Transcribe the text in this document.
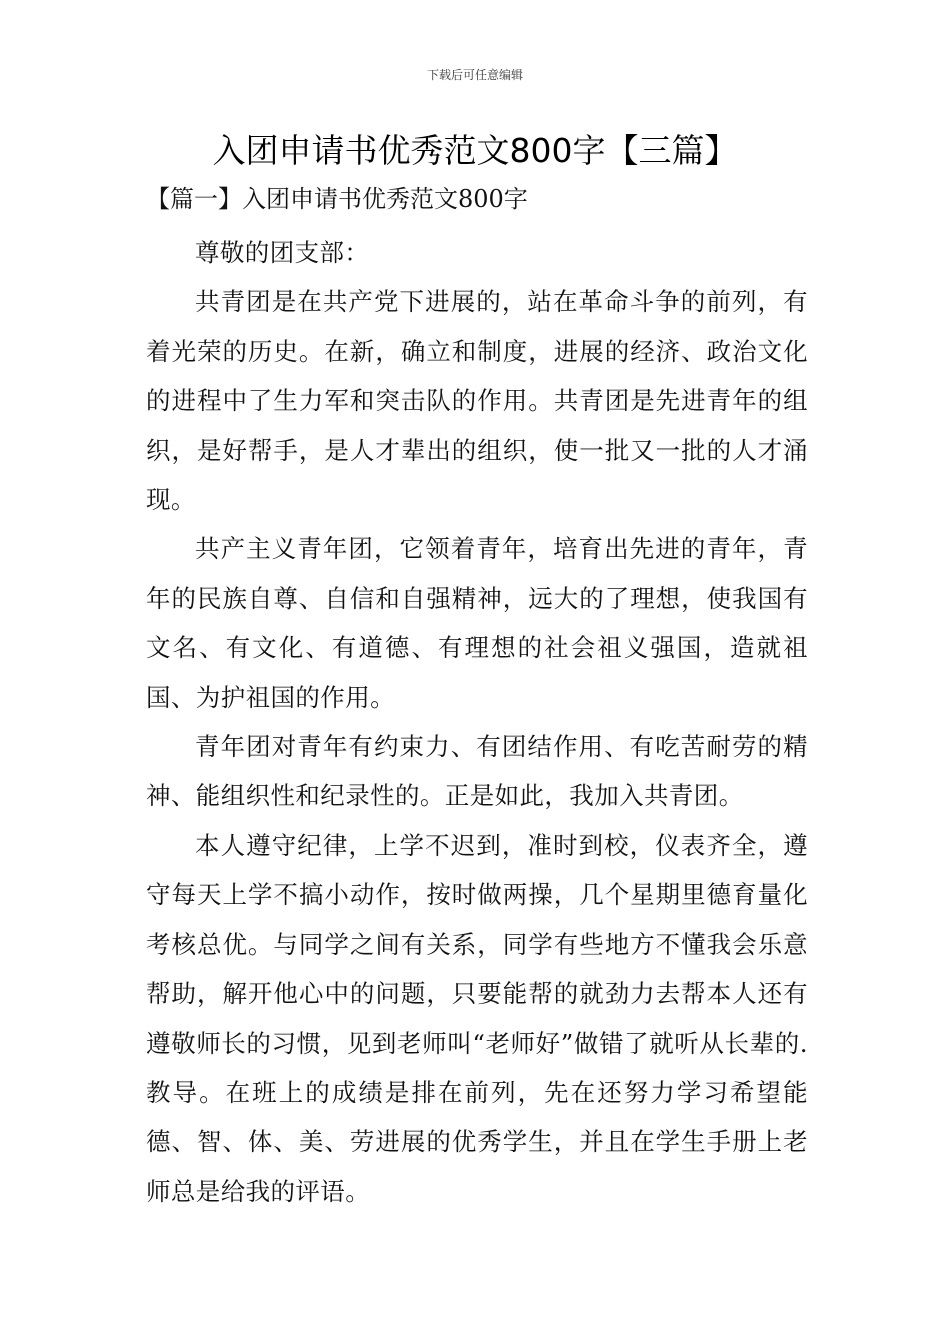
下载后可任意编辑
入团申请书优秀范文800字【三篇】
【篇一】入团申请书优秀范文800字

尊敬的团支部：

共青团是在共产党下进展的，站在革命斗争的前列，有着光荣的历史。在新，确立和制度，进展的经济、政治文化的进程中了生力军和突击队的作用。共青团是先进青年的组织，是好帮手，是人才辈出的组织，使一批又一批的人才涌现。

共产主义青年团，它领着青年，培育出先进的青年，青年的民族自尊、自信和自强精神，远大的了理想，使我国有文名、有文化、有道德、有理想的社会祖义强国，造就祖国、为护祖国的作用。

青年团对青年有约束力、有团结作用、有吃苦耐劳的精神、能组织性和纪录性的。正是如此，我加入共青团。

本人遵守纪律，上学不迟到，准时到校，仪表齐全，遵守每天上学不搞小动作，按时做两操，几个星期里德育量化考核总优。与同学之间有关系，同学有些地方不懂我会乐意帮助，解开他心中的问题，只要能帮的就劲力去帮本人还有遵敬师长的习惯，见到老师叫“老师好”做错了就听从长辈的.教导。在班上的成绩是排在前列，先在还努力学习希望能德、智、体、美、劳进展的优秀学生，并且在学生手册上老师总是给我的评语。
